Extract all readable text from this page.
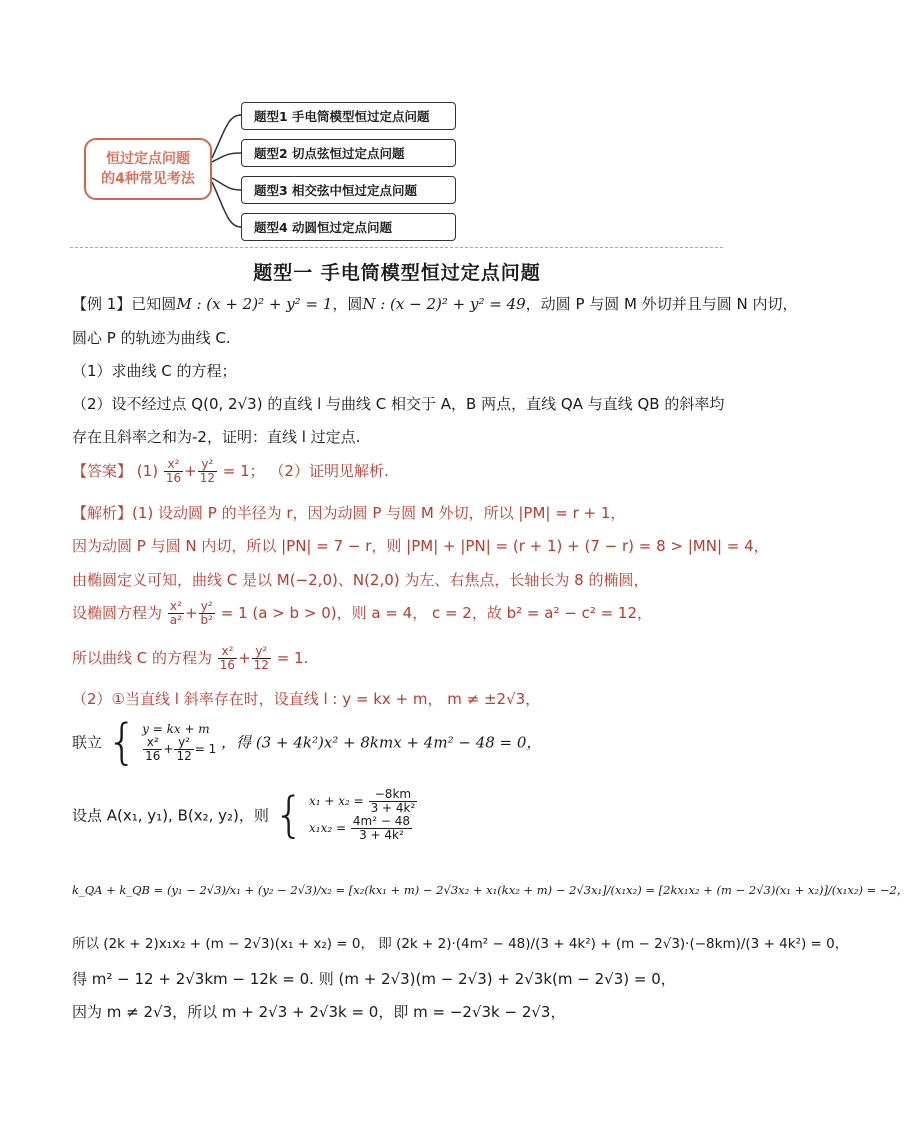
恒过定点问题
的4种常见考法
题型1 手电筒模型恒过定点问题
题型2 切点弦恒过定点问题
题型3 相交弦中恒过定点问题
题型4 动圆恒过定点问题
题型一 手电筒模型恒过定点问题
【例 1】已知圆M : (x + 2)² + y² = 1，圆N : (x − 2)² + y² = 49，动圆 P 与圆 M 外切并且与圆 N 内切，
圆心 P 的轨迹为曲线 C.
（1）求曲线 C 的方程；
（2）设不经过点 Q(0, 2√3) 的直线 l 与曲线 C 相交于 A，B 两点，直线 QA 与直线 QB 的斜率均
存在且斜率之和为-2，证明：直线 l 过定点.
【答案】 $(1) \frac{\text{x²}}{16} + \frac{\text{y²}}{12} = 1$； （2）证明见解析.
【解析】(1) 设动圆 P 的半径为 r，因为动圆 P 与圆 M 外切，所以 |PM| = r + 1，
因为动圆 P 与圆 N 内切，所以 |PN| = 7 − r，则 |PM| + |PN| = (r + 1) + (7 − r) = 8 > |MN| = 4，
由椭圆定义可知，曲线 C 是以 M(−2,0)、N(2,0) 为左、右焦点，长轴长为 8 的椭圆，
设椭圆方程为 $\frac{\text{x²}}{\text{a²}} + \frac{\text{y²}}{\text{b²}} = 1$ (a > b > 0)，则 a = 4， c = 2，故 b² = a² − c² = 12，
所以曲线 C 的方程为 $\frac{\text{x²}}{16} + \frac{\text{y²}}{12} = 1$.
（2）①当直线 l 斜率存在时，设直线 l : y = kx + m， m ≠ ±2√3，
联立 { y = kx + m
$\frac{\text{x²}}{16} + \frac{\text{y²}}{12} = 1$ ，得 (3 + 4k²)x² + 8kmx + 4m² − 48 = 0，
设点 A(x₁, y₁), B(x₂, y₂)，则 { $x_1 + x_2 = \frac{-8km}{\text{3 + 4k²}}$
$x_1x_2 = \frac{\text{4m² − 48}}{\text{3 + 4k²}}$
k_QA + k_QB = (y₁ − 2√3)/x₁ + (y₂ − 2√3)/x₂ = [x₂(kx₁ + m) − 2√3x₂ + x₁(kx₂ + m) − 2√3x₁]/(x₁x₂) = [2kx₁x₂ + (m − 2√3)(x₁ + x₂)]/(x₁x₂) = −2，
所以 (2k + 2)x₁x₂ + (m − 2√3)(x₁ + x₂) = 0， 即 (2k + 2)·(4m² − 48)/(3 + 4k²) + (m − 2√3)·(−8km)/(3 + 4k²) = 0，
得 m² − 12 + 2√3km − 12k = 0. 则 (m + 2√3)(m − 2√3) + 2√3k(m − 2√3) = 0，
因为 m ≠ 2√3，所以 m + 2√3 + 2√3k = 0，即 m = −2√3k − 2√3，
